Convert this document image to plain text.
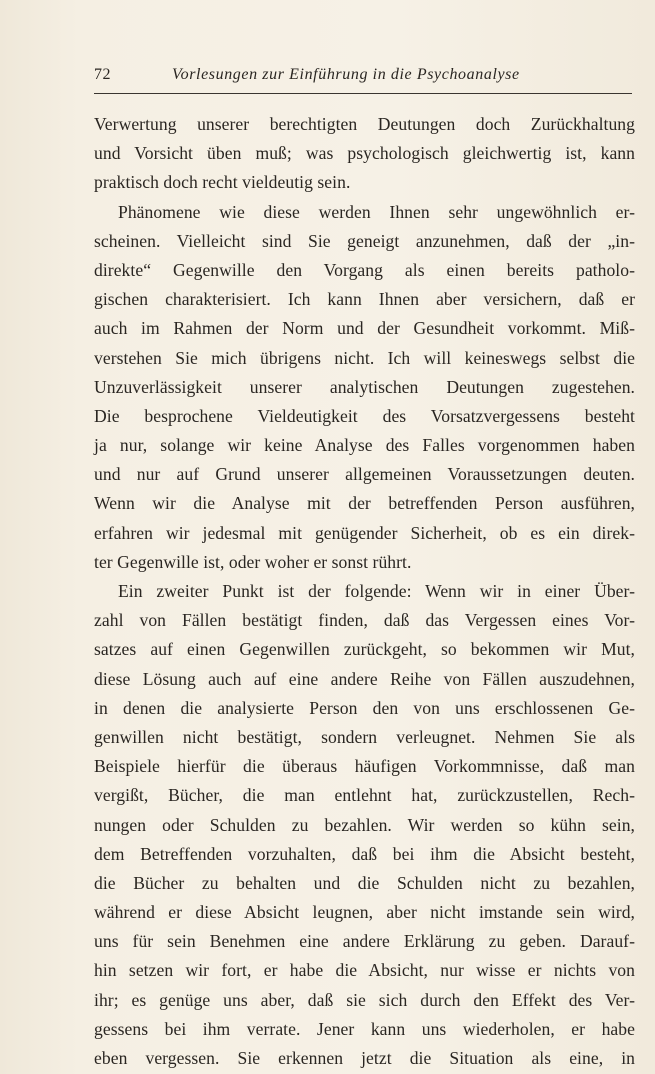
72	Vorlesungen zur Einführung in die Psychoanalyse
Verwertung unserer berechtigten Deutungen doch Zurückhaltung
und Vorsicht üben muß; was psychologisch gleichwertig ist, kann
praktisch doch recht vieldeutig sein.
Phänomene wie diese werden Ihnen sehr ungewöhnlich er-
scheinen. Vielleicht sind Sie geneigt anzunehmen, daß der „in-
direkte“ Gegenwille den Vorgang als einen bereits patholo-
gischen charakterisiert. Ich kann Ihnen aber versichern, daß er
auch im Rahmen der Norm und der Gesundheit vorkommt. Miß-
verstehen Sie mich übrigens nicht. Ich will keineswegs selbst die
Unzuverlässigkeit unserer analytischen Deutungen zugestehen.
Die besprochene Vieldeutigkeit des Vorsatzvergessens besteht
ja nur, solange wir keine Analyse des Falles vorgenommen haben
und nur auf Grund unserer allgemeinen Voraussetzungen deuten.
Wenn wir die Analyse mit der betreffenden Person ausführen,
erfahren wir jedesmal mit genügender Sicherheit, ob es ein direk-
ter Gegenwille ist, oder woher er sonst rührt.
Ein zweiter Punkt ist der folgende: Wenn wir in einer Über-
zahl von Fällen bestätigt finden, daß das Vergessen eines Vor-
satzes auf einen Gegenwillen zurückgeht, so bekommen wir Mut,
diese Lösung auch auf eine andere Reihe von Fällen auszudehnen,
in denen die analysierte Person den von uns erschlossenen Ge-
genwillen nicht bestätigt, sondern verleugnet. Nehmen Sie als
Beispiele hierfür die überaus häufigen Vorkommnisse, daß man
vergißt, Bücher, die man entlehnt hat, zurückzustellen, Rech-
nungen oder Schulden zu bezahlen. Wir werden so kühn sein,
dem Betreffenden vorzuhalten, daß bei ihm die Absicht besteht,
die Bücher zu behalten und die Schulden nicht zu bezahlen,
während er diese Absicht leugnen, aber nicht imstande sein wird,
uns für sein Benehmen eine andere Erklärung zu geben. Darauf-
hin setzen wir fort, er habe die Absicht, nur wisse er nichts von
ihr; es genüge uns aber, daß sie sich durch den Effekt des Ver-
gessens bei ihm verrate. Jener kann uns wiederholen, er habe
eben vergessen. Sie erkennen jetzt die Situation als eine, in
